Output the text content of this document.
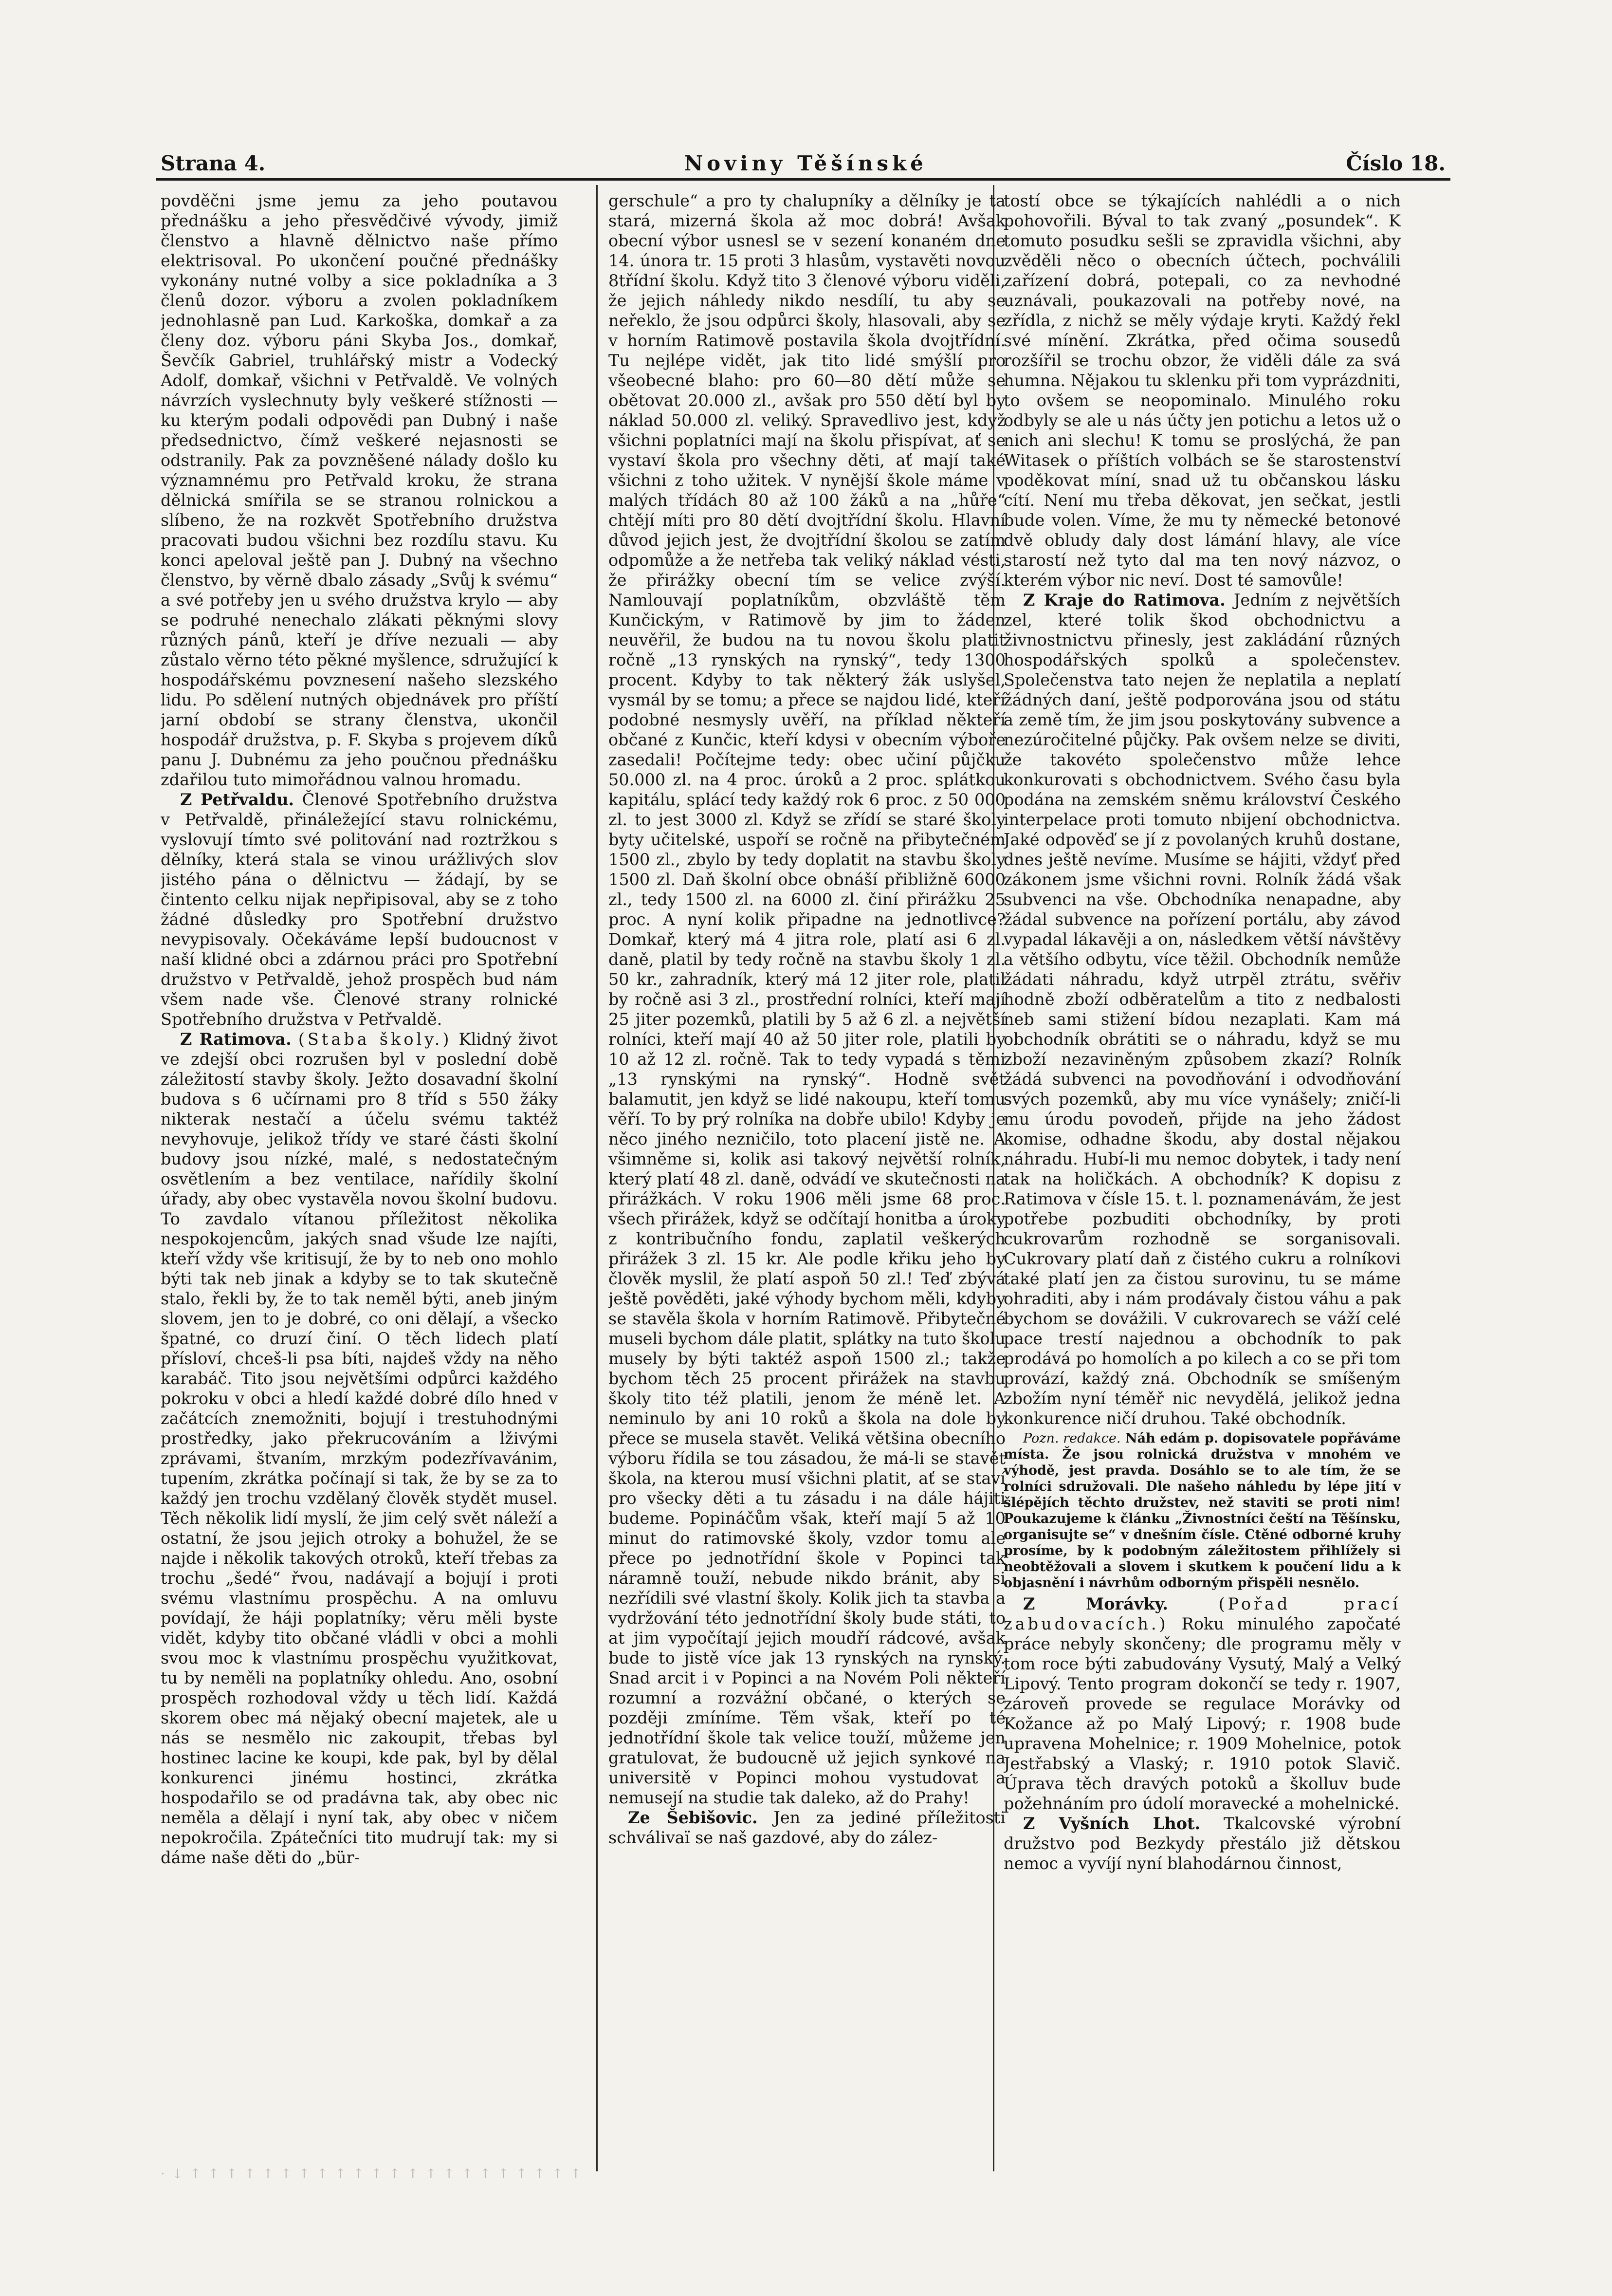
Strana 4.	Noviny Těšínské	Číslo 18.

povděčni jsme jemu za jeho poutavou přednášku a jeho přesvědčivé vývody, jimiž členstvo a hlavně dělnictvo naše přímo elektrisoval. Po ukončení poučné přednášky vykonány nutné volby a sice pokladníka a 3 členů dozor. výboru a zvolen pokladníkem jednohlasně pan Lud. Karkoška, domkař a za členy doz. výboru páni Skyba Jos., domkař, Ševčík Gabriel, truhlářský mistr a Vodecký Adolf, domkař, všichni v Petřvaldě. Ve volných návrzích vyslechnuty byly veškeré stížnosti — ku kterým podali odpovědi pan Dubný i naše předsednictvo, čímž veškeré nejasnosti se odstranily. Pak za povzněšené nálady došlo ku významnému pro Petřvald kroku, že strana dělnická smířila se se stranou rolnickou a slíbeno, že na rozkvět Spotřebního družstva pracovati budou všichni bez rozdílu stavu. Ku konci apeloval ještě pan J. Dubný na všechno členstvo, by věrně dbalo zásady „Svůj k svému“ a své potřeby jen u svého družstva krylo — aby se podruhé nenechalo zlákati pěknými slovy různých pánů, kteří je dříve nezuali — aby zůstalo věrno této pěkné myšlence, sdružující k hospodářskému povznesení našeho slezského lidu. Po sdělení nutných objednávek pro příští jarní období se strany členstva, ukončil hospodář družstva, p. F. Skyba s projevem díků panu J. Dubnému za jeho poučnou přednášku zdařilou tuto mimořádnou valnou hromadu.

Z Petřvaldu. Členové Spotřebního družstva v Petřvaldě, přináležející stavu rolnickému, vyslovují tímto své politování nad roztržkou s dělníky, která stala se vinou urážlivých slov jistého pána o dělnictvu — žádají, by se čintento celku nijak nepřipisoval, aby se z toho žádné důsledky pro Spotřební družstvo nevypisovaly. Očekáváme lepší budoucnost v naší klidné obci a zdárnou práci pro Spotřební družstvo v Petřvaldě, jehož prospěch bud nám všem nade vše. Členové strany rolnické Spotřebního družstva v Petřvaldě.

Z Ratimova. (Staba školy.) Klidný život ve zdejší obci rozrušen byl v poslední době záležitostí stavby školy. Ježto dosavadní školní budova s 6 učírnami pro 8 tříd s 550 žáky nikterak nestačí a účelu svému taktéž nevyhovuje, jelikož třídy ve staré části školní budovy jsou nízké, malé, s nedostatečným osvětlením a bez ventilace, nařídily školní úřady, aby obec vystavěla novou školní budovu. To zavdalo vítanou příležitost několika nespokojencům, jakých snad všude lze najíti, kteří vždy vše kritisují, že by to neb ono mohlo býti tak neb jinak a kdyby se to tak skutečně stalo, řekli by, že to tak neměl býti, aneb jiným slovem, jen to je dobré, co oni dělají, a všecko špatné, co druzí činí. O těch lidech platí přísloví, chceš-li psa bíti, najdeš vždy na něho karabáč. Tito jsou největšími odpůrci každého pokroku v obci a hledí každé dobré dílo hned v začátcích znemožniti, bojují i trestuhodnými prostředky, jako překrucováním a lživými zprávami, štvaním, mrzkým podezřívavánim, tupením, zkrátka počínají si tak, že by se za to každý jen trochu vzdělaný člověk stydět musel. Těch několik lidí myslí, že jim celý svět náleží a ostatní, že jsou jejich otroky a bohužel, že se najde i několik takových otroků, kteří třebas za trochu „šedé“ řvou, nadávají a bojují i proti svému vlastnímu prospěchu. A na omluvu povídají, že háji poplatníky; věru měli byste vidět, kdyby tito občané vládli v obci a mohli svou moc k vlastnímu prospěchu využitkovat, tu by neměli na poplatníky ohledu. Ano, osobní prospěch rozhodoval vždy u těch lidí. Každá skorem obec má nějaký obecní majetek, ale u nás se nesmělo nic zakoupit, třebas byl hostinec lacine ke koupi, kde pak, byl by dělal konkurenci jinému hostinci, zkrátka hospodařilo se od pradávna tak, aby obec nic neměla a dělají i nyní tak, aby obec v ničem nepokročila. Zpátečníci tito mudrují tak: my si dáme naše děti do „bür-

gerschule“ a pro ty chalupníky a dělníky je ta stará, mizerná škola až moc dobrá! Avšak obecní výbor usnesl se v sezení konaném dne 14. února tr. 15 proti 3 hlasům, vystavěti novou 8třídní školu. Když tito 3 členové výboru viděli, že jejich náhledy nikdo nesdílí, tu aby se neřeklo, že jsou odpůrci školy, hlasovali, aby se v horním Ratimově postavila škola dvojtřídní. Tu nejlépe vidět, jak tito lidé smýšlí pro všeobecné blaho: pro 60—80 dětí může se obětovat 20.000 zl., avšak pro 550 dětí byl by náklad 50.000 zl. veliký. Spravedlivo jest, když všichni poplatníci mají na školu přispívat, ať se vystaví škola pro všechny děti, ať mají také všichni z toho užitek. V nynější škole máme v malých třídách 80 až 100 žáků a na „hůře“ chtějí míti pro 80 dětí dvojtřídní školu. Hlavní důvod jejich jest, že dvojtřídní školou se zatím odpomůže a že netřeba tak veliký náklad vésti, že přirážky obecní tím se velice zvýší. Namlouvají poplatníkům, obzvláště těm Kunčickým, v Ratimově by jim to žáden neuvěřil, že budou na tu novou školu platit ročně „13 rynských na rynský“, tedy 1300 procent. Kdyby to tak některý žák uslyšel, vysmál by se tomu; a přece se najdou lidé, kteří podobné nesmysly uvěří, na příklad někteří občané z Kunčic, kteří kdysi v obecním výboře zasedali! Počítejme tedy: obec učiní půjčku 50.000 zl. na 4 proc. úroků a 2 proc. splátkou kapitálu, splácí tedy každý rok 6 proc. z 50 000 zl. to jest 3000 zl. Když se zřídí se staré školy byty učitelské, uspoří se ročně na přibytečném 1500 zl., zbylo by tedy doplatit na stavbu školy 1500 zl. Daň školní obce obnáší přibližně 6000 zl., tedy 1500 zl. na 6000 zl. činí přirážku 25 proc. A nyní kolik připadne na jednotlivce? Domkař, který má 4 jitra role, platí asi 6 zl. daně, platil by tedy ročně na stavbu školy 1 zl. 50 kr., zahradník, který má 12 jiter role, platil by ročně asi 3 zl., prostřední rolníci, kteří mají 25 jiter pozemků, platili by 5 až 6 zl. a největší rolníci, kteří mají 40 až 50 jiter role, platili by 10 až 12 zl. ročně. Tak to tedy vypadá s těmi „13 rynskými na rynský“. Hodně svět balamutit, jen když se lidé nakoupu, kteří tomu věří. To by prý rolníka na dobře ubilo! Kdyby je něco jiného nezničilo, toto placení jistě ne. A všimněme si, kolik asi takový největší rolník, který platí 48 zl. daně, odvádí ve skutečnosti na přirážkách. V roku 1906 měli jsme 68 proc. všech přirážek, když se odčítají honitba a úroky z kontribučního fondu, zaplatil veškerých přirážek 3 zl. 15 kr. Ale podle křiku jeho by člověk myslil, že platí aspoň 50 zl.! Teď zbývá ještě pověděti, jaké výhody bychom měli, kdyby se stavěla škola v horním Ratimově. Přibytečné museli bychom dále platit, splátky na tuto školu musely by býti taktéž aspoň 1500 zl.; takže bychom těch 25 procent přirážek na stavbu školy tito též platili, jenom že méně let. A neminulo by ani 10 roků a škola na dole by přece se musela stavět. Veliká většina obecního výboru řídila se tou zásadou, že má-li se stavět škola, na kterou musí všichni platit, ať se staví pro všecky děti a tu zásadu i na dále hájiti budeme. Popináčům však, kteří mají 5 až 10 minut do ratimovské školy, vzdor tomu ale přece po jednotřídní škole v Popinci tak náramně touží, nebude nikdo bránit, aby si nezřídili své vlastní školy. Kolik jich ta stavba a vydržování této jednotřídní školy bude státi, to at jim vypočítají jejich moudří rádcové, avšak bude to jistě více jak 13 rynských na rynský. Snad arcit i v Popinci a na Novém Poli někteří rozumní a rozvážní občané, o kterých se později zmíníme. Těm však, kteří po té jednotřídní škole tak velice touží, můžeme jen gratulovat, že budoucně už jejich synkové na universitě v Popinci mohou vystudovat a nemusejí na studie tak daleko, až do Prahy!

Ze Šebišovic. Jen za jediné příležitosti schválivaï se naš gazdové, aby do zález-

tostí obce se týkajících nahlédli a o nich pohovořili. Býval to tak zvaný „posundek“. K tomuto posudku sešli se zpravidla všichni, aby zvěděli něco o obecních účtech, pochválili zařízení dobrá, potepali, co za nevhodné uznávali, poukazovali na potřeby nové, na zřídla, z nichž se měly výdaje kryti. Každý řekl své mínění. Zkrátka, před očima sousedů rozšířil se trochu obzor, že viděli dále za svá humna. Nějakou tu sklenku při tom vyprázdniti, to ovšem se neopominalo. Minulého roku odbyly se ale u nás účty jen potichu a letos už o nich ani slechu! K tomu se proslýchá, že pan Witasek o příštích volbách se še starostenství poděkovat míní, snad už tu občanskou lásku cítí. Není mu třeba děkovat, jen sečkat, jestli bude volen. Víme, že mu ty německé betonové dvě obludy daly dost lámání hlavy, ale více starostí než tyto dal ma ten nový názvoz, o kterém výbor nic neví. Dost té samovůle!

Z Kraje do Ratimova. Jedním z největších zel, které tolik škod obchodnictvu a živnostnictvu přinesly, jest zakládání různých hospodářských spolků a společenstev. Společenstva tato nejen že neplatila a neplatí žádných daní, ještě podporována jsou od státu a země tím, že jim jsou poskytovány subvence a nezúročitelné půjčky. Pak ovšem nelze se diviti, že takovéto společenstvo může lehce konkurovati s obchodnictvem. Svého času byla podána na zemském sněmu království Českého interpelace proti tomuto nbijení obchodnictva. Jaké odpověď se jí z povolaných kruhů dostane, dnes ještě nevíme. Musíme se hájiti, vždyť před zákonem jsme všichni rovni. Rolník žádá však subvenci na vše. Obchodníka nenapadne, aby žádal subvence na pořízení portálu, aby závod vypadal lákavěji a on, následkem větší návštěvy a většího odbytu, více těžil. Obchodník nemůže žádati náhradu, když utrpěl ztrátu, svěřiv hodně zboží odběratelům a tito z nedbalosti neb sami stižení bídou nezaplati. Kam má obchodník obrátiti se o náhradu, když se mu zboží nezaviněným způsobem zkazí? Rolník žádá subvenci na povodňování i odvodňování svých pozemků, aby mu více vynášely; zničí-li mu úrodu povodeň, přijde na jeho žádost komise, odhadne škodu, aby dostal nějakou náhradu. Hubí-li mu nemoc dobytek, i tady není tak na holičkách. A obchodník? K dopisu z Ratimova v čísle 15. t. l. poznamenávám, že jest potřebe pozbuditi obchodníky, by proti cukrovarům rozhodně se sorganisovali. Cukrovary platí daň z čistého cukru a rolníkovi také platí jen za čistou surovinu, tu se máme ohraditi, aby i nám prodávaly čistou váhu a pak bychom se dovážili. V cukrovarech se váží celé pace trestí najednou a obchodník to pak prodává po homolích a po kilech a co se při tom provází, každý zná. Obchodník se smíšeným zbožím nyní téměř nic nevydělá, jelikož jedna konkurence ničí druhou. Také obchodník.

Pozn. redakce. Náh edám p. dopisovatele popřáváme místa. Že jsou rolnická družstva v mnohém ve výhodě, jest pravda. Dosáhlo se to ale tím, že se rolníci sdružovali. Dle našeho náhledu by lépe jití v šlépějích těchto družstev, než staviti se proti nim! Poukazujeme k článku „Živnostníci čeští na Těšínsku, organisujte se“ v dnešním čísle. Ctěné odborné kruhy prosíme, by k podobným záležitostem přihlížely si neobtěžovali a slovem i skutkem k poučení lidu a k objasnění i návrhům odborným přispěli nesnělo.

Z Morávky.	(Pořad prací zabudovacích.) Roku minulého započaté práce nebyly skončeny; dle programu měly v tom roce býti zabudovány Vysutý, Malý a Velký Lipový. Tento program dokončí se tedy r. 1907, zároveň provede se regulace Morávky od Kožance až po Malý Lipový; r. 1908 bude upravena Mohelnice; r. 1909 Mohelnice, potok Jestřabský a Vlaský; r. 1910 potok Slavič. Úprava těch dravých potoků a školluv bude požehnáním pro údolí moravecké a mohelnické.

Z Vyšních Lhot. Tkalcovské výrobní družstvo pod Bezkydy přestálo již dětskou nemoc a vyvíjí nyní blahodárnou činnost,

· ↓ ↑ ↑ ↑ ↑ ↑ ↑ ↑ ↑ ↑ ↑ ↑ ↑ ↑ ↑ ↑ ↑ ↑ ↑ ↑ ↑ ↑ ↑
